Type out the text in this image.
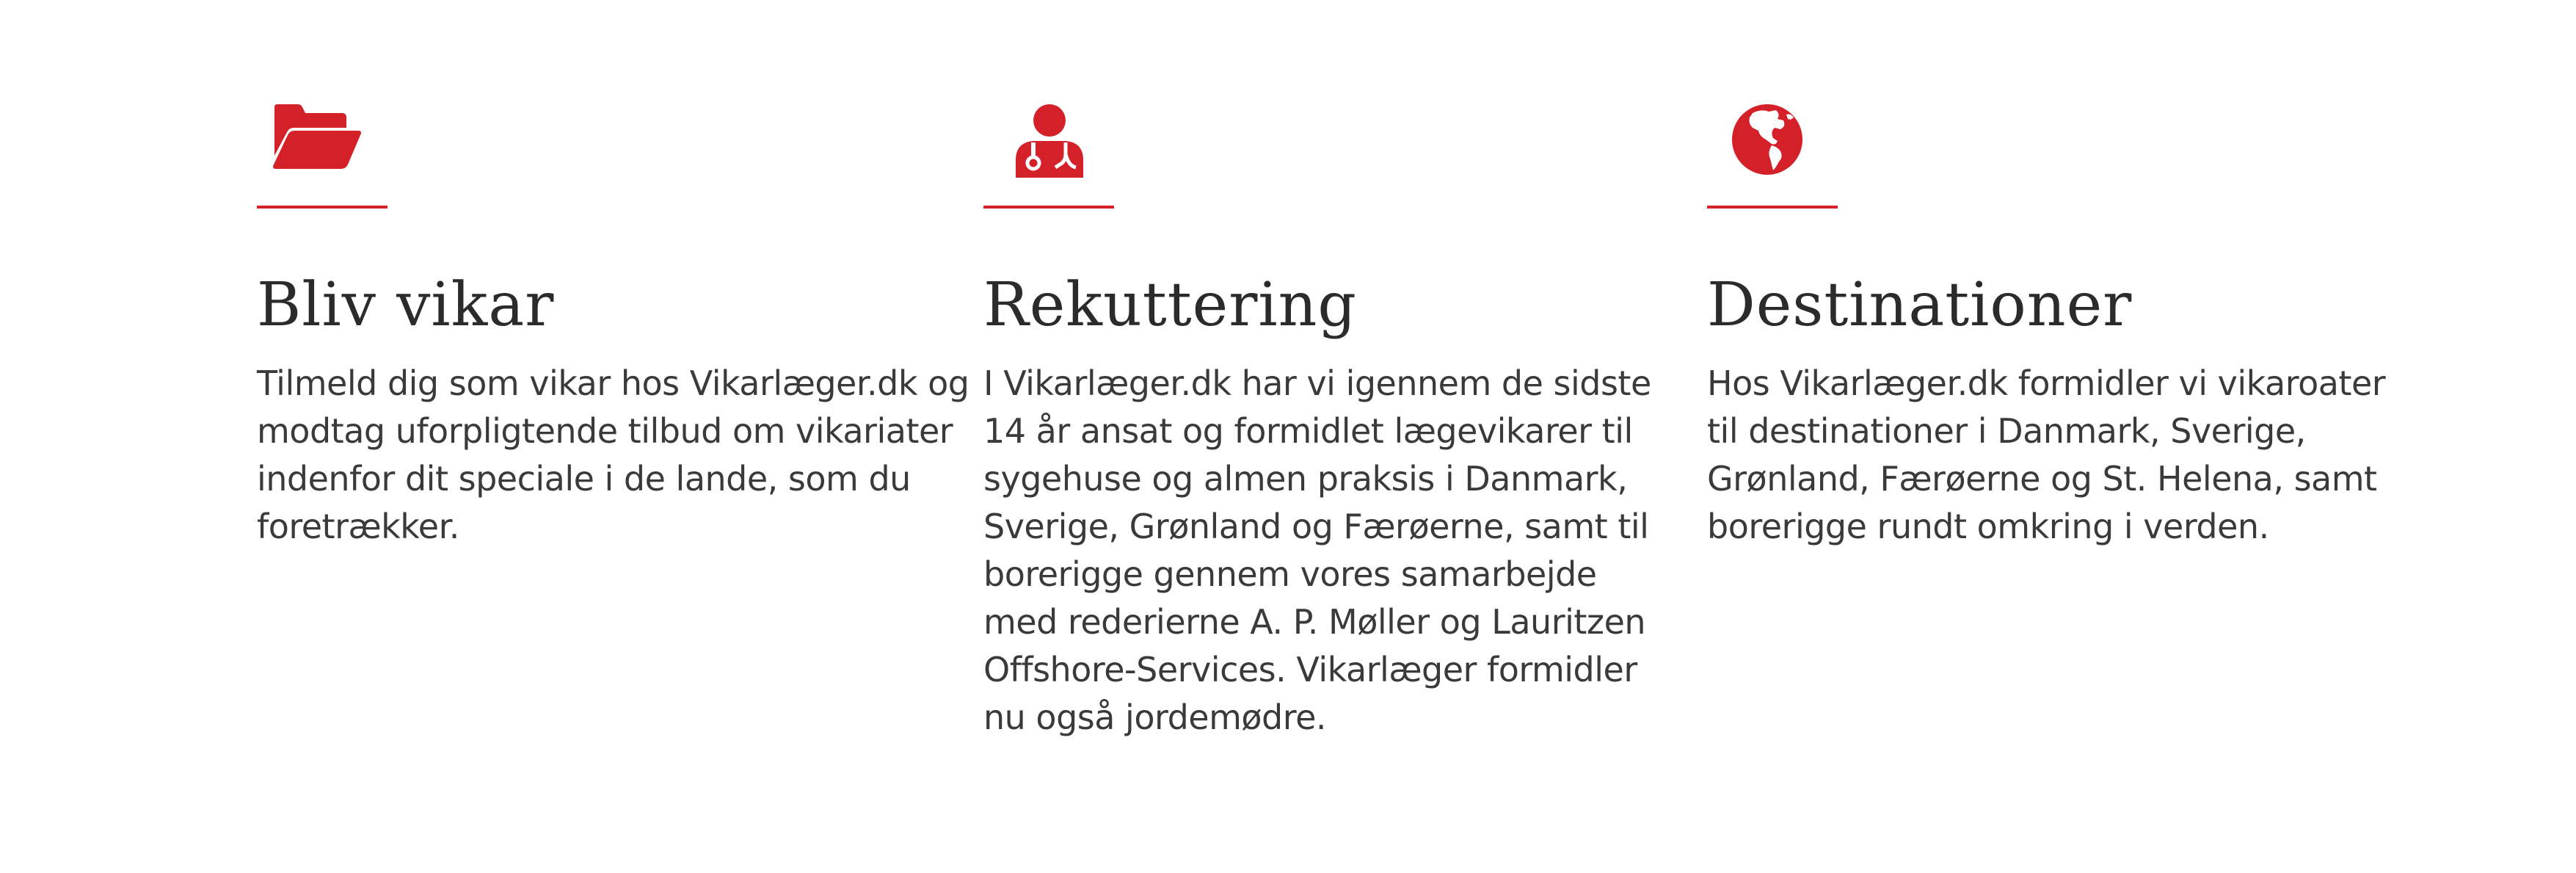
Bliv vikar

Tilmeld dig som vikar hos Vikarlæger.dk og
modtag uforpligtende tilbud om vikariater
indenfor dit speciale i de lande, som du
foretrækker.

Rekuttering

I Vikarlæger.dk har vi igennem de sidste
14 år ansat og formidlet lægevikarer til
sygehuse og almen praksis i Danmark,
Sverige, Grønland og Færøerne, samt til
borerigge gennem vores samarbejde
med rederierne A. P. Møller og Lauritzen
Offshore-Services. Vikarlæger formidler
nu også jordemødre.

Destinationer

Hos Vikarlæger.dk formidler vi vikaroater
til destinationer i Danmark, Sverige,
Grønland, Færøerne og St. Helena, samt
borerigge rundt omkring i verden.
